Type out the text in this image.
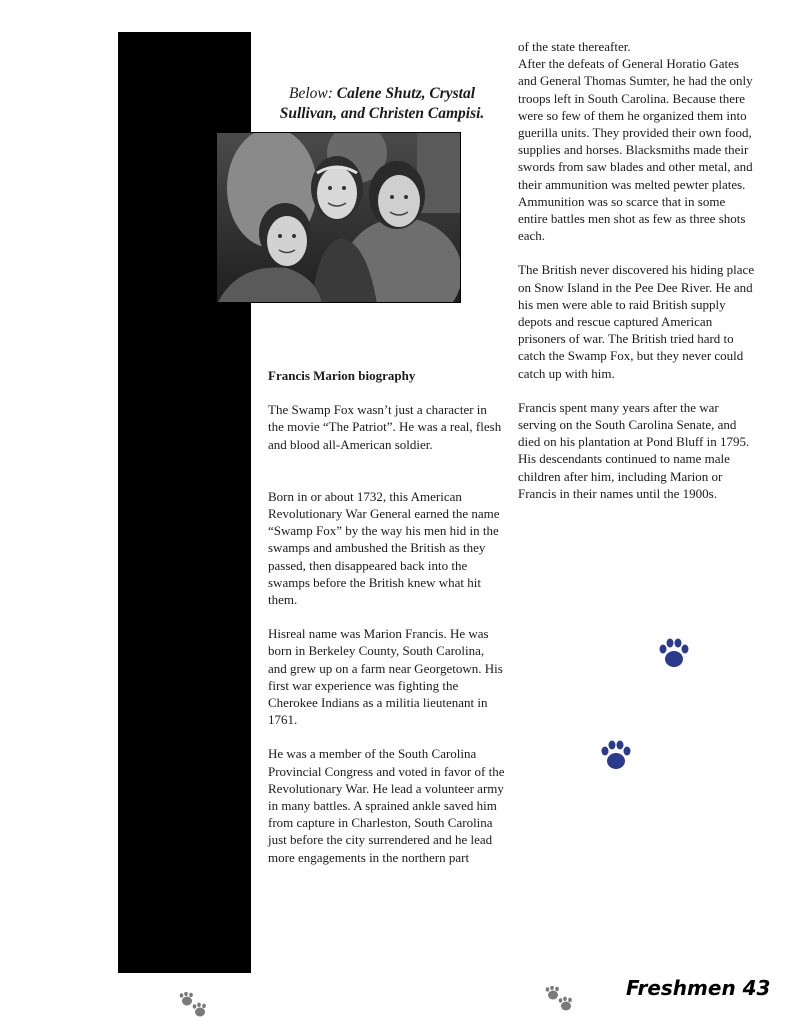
Below: Calene Shutz, Crystal Sullivan, and Christen Campisi.

Francis Marion biography

The Swamp Fox wasn’t just a character in the movie “The Patriot”. He was a real, flesh and blood all-American soldier.

Born in or about 1732, this American Revolutionary War General earned the name “Swamp Fox” by the way his men hid in the swamps and ambushed the British as they passed, then disappeared back into the swamps before the British knew what hit them.

Hisreal name was Marion Francis. He was born in Berkeley County, South Carolina, and grew up on a farm near Georgetown. His first war experience was fighting the Cherokee Indians as a militia lieutenant in 1761.

He was a member of the South Carolina Provincial Congress and voted in favor of the Revolutionary War. He lead a volunteer army in many battles. A sprained ankle saved him from capture in Charleston, South Carolina just before the city surrendered and he lead more engagements in the northern part

of the state thereafter.

After the defeats of General Horatio Gates and General Thomas Sumter, he had the only troops left in South Carolina. Because there were so few of them he organized them into guerilla units. They provided their own food, supplies and horses. Blacksmiths made their swords from saw blades and other metal, and their ammunition was melted pewter plates. Ammunition was so scarce that in some entire battles men shot as few as three shots each.

The British never discovered his hiding place on Snow Island in the Pee Dee River. He and his men were able to raid British supply depots and rescue captured American prisoners of war. The British tried hard to catch the Swamp Fox, but they never could catch up with him.

Francis spent many years after the war serving on the South Carolina Senate, and died on his plantation at Pond Bluff in 1795. His descendants continued to name male children after him, including Marion or Francis in their names until the 1900s.

Freshmen 43
